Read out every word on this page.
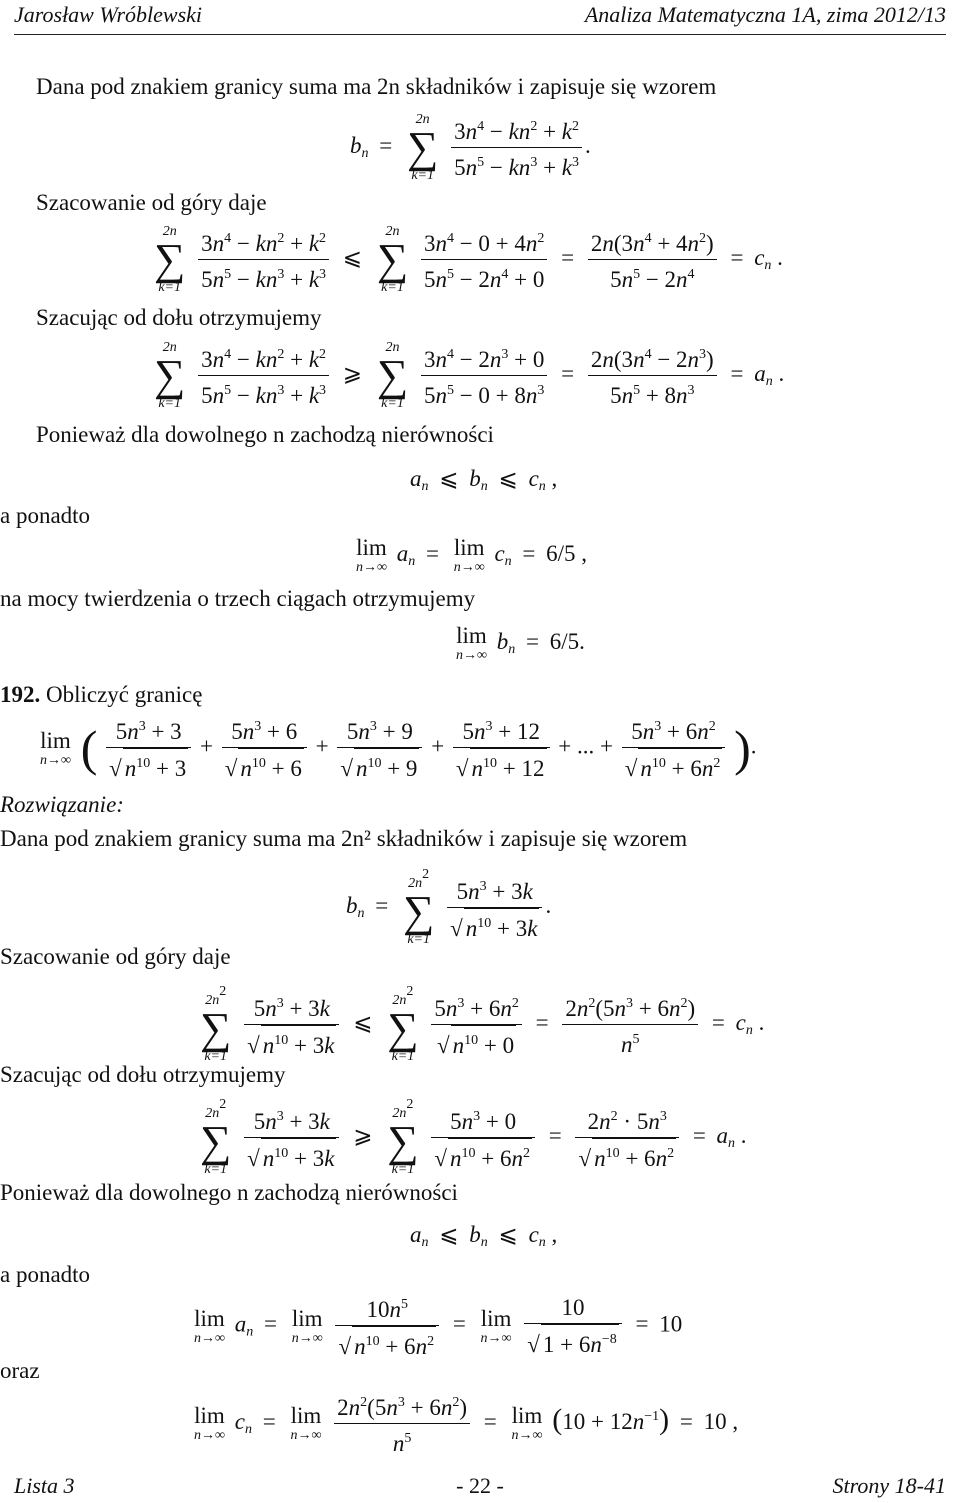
Jarosław Wróblewski	Analiza Matematyczna 1A, zima 2012/13
Dana pod znakiem granicy suma ma 2n składników i zapisuje się wzorem
$b_n$ =
2n
∑
k=1
$\frac{3n^4 - kn^2 + k^2}{5n^5 - kn^3 + k^3}$ .
Szacowanie od góry daje
2n
∑
k=1
$\frac{3n^4 - kn^2 + k^2}{5n^5 - kn^3 + k^3}$ ⩽
2n
∑
k=1
$\frac{3n^4 - 0 + 4n^2}{5n^5 - 2n^4 + 0} = \frac{2n(3n^4 + 4n^2)}{5n^5 - 2n^4} = c_n$ .
Szacując od dołu otrzymujemy
2n
∑
k=1
$\frac{3n^4 - kn^2 + k^2}{5n^5 - kn^3 + k^3}$ ⩾
2n
∑
k=1
$\frac{3n^4 - 2n^3 + 0}{5n^5 - 0 + 8n^3} = \frac{2n(3n^4 - 2n^3)}{5n^5 + 8n^3} = a_n$ .
Ponieważ dla dowolnego n zachodzą nierówności
$a_n$ ⩽ $b_n$ ⩽ $c_n$ ,
a ponadto
lim
n→∞
$a_n = \lim$
n→∞
$c_n = 6/5$ ,
na mocy twierdzenia o trzech ciągach otrzymujemy
lim
n→∞
$b_n = 6/5$.
192. Obliczyć granicę
lim
n→∞ ( $5n^3 + 3$
√ $n^{10} + 3 + 5n^3 + 6$
√ $n^{10} + 6 + 5n^3 + 9$
√ $n^{10} + 9 + 5n^3 + 12$
√ $n^{10} + 12$ + ... + $5n^3 + 6n^2$
√ $n^{10} + 6n^2$ ).
Rozwiązanie:
Dana pod znakiem granicy suma ma 2n² składników i zapisuje się wzorem
$b_n$ =
$2n^2$
∑
k=1
$5n^3 + 3k$
√ $n^{10} + 3k$ .
Szacowanie od góry daje
$2n^2$
∑
k=1
$5n^3 + 3k$
√ $n^{10} + 3k$ ⩽
$2n^2$
∑
k=1
$5n^3 + 6n^2$
√ $n^{10} + 0 = \frac{2n^2(5n^3 + 6n^2)}{n^5} = c_n$ .
Szacując od dołu otrzymujemy
$2n^2$
∑
k=1
$5n^3 + 3k$
√ $n^{10} + 3k$ ⩾
$2n^2$
∑
k=1
$5n^3 + 0$
√ $n^{10} + 6n^2 = 2n^2 \cdot 5n^3$
√ $n^{10} + 6n^2 = a_n$ .
Ponieważ dla dowolnego n zachodzą nierówności
$a_n$ ⩽ $b_n$ ⩽ $c_n$ ,
a ponadto
lim
n→∞
$a_n = \lim$
n→∞
$10n^5$
√ $n^{10} + 6n^2 = \lim$
n→∞
10
√ $1 + 6n^{-8} = 10$
oraz
lim
n→∞
$c_n = \lim$
n→∞
$\frac{2n^2(5n^3 + 6n^2)}{n^5} = \lim$
n→∞ $(10 + 12n^{-1}) = 10$ ,
Lista 3	- 22 -	Strony 18-41
